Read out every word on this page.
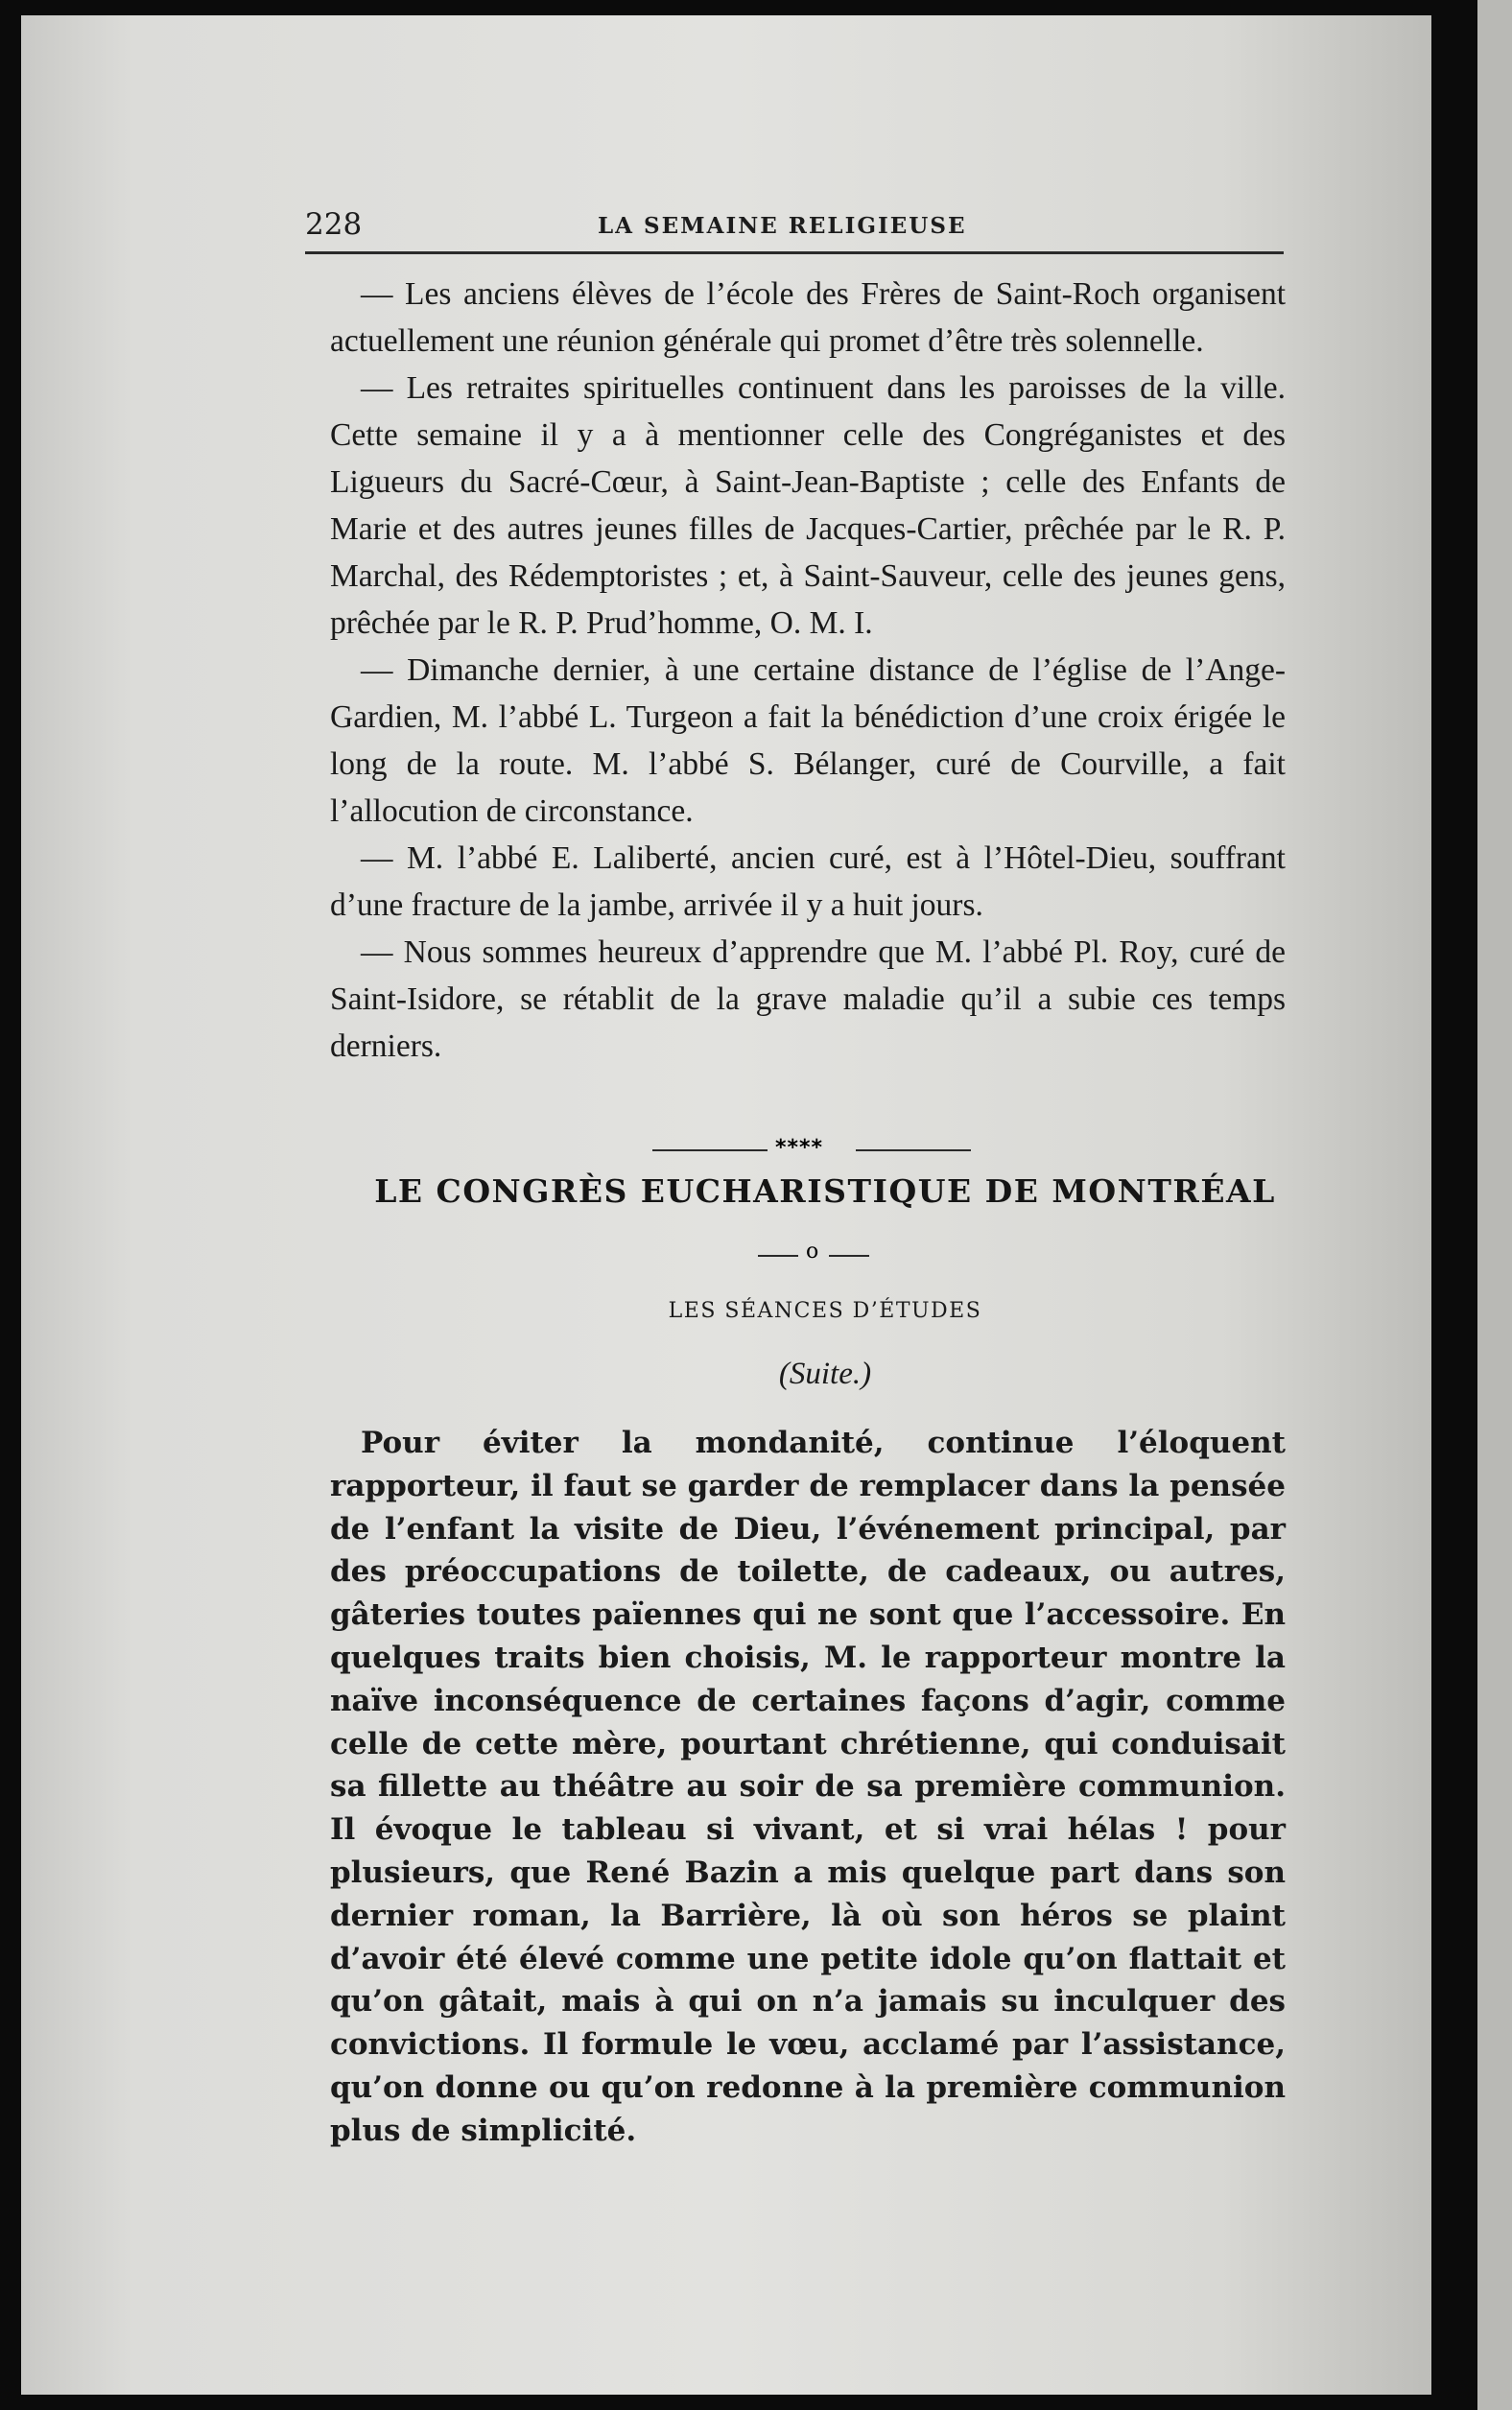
228	LA SEMAINE RELIGIEUSE

— Les anciens élèves de l’école des Frères de Saint-Roch organisent actuellement une réunion générale qui promet d’être très solennelle.

— Les retraites spirituelles continuent dans les paroisses de la ville. Cette semaine il y a à mentionner celle des Congréganistes et des Ligueurs du Sacré-Cœur, à Saint-Jean-Baptiste ; celle des Enfants de Marie et des autres jeunes filles de Jacques-Cartier, prêchée par le R. P. Marchal, des Rédemptoristes ; et, à Saint-Sauveur, celle des jeunes gens, prêchée par le R. P. Prud’homme, O. M. I.

— Dimanche dernier, à une certaine distance de l’église de l’Ange-Gardien, M. l’abbé L. Turgeon a fait la bénédiction d’une croix érigée le long de la route. M. l’abbé S. Bélanger, curé de Courville, a fait l’allocution de circonstance.

— M. l’abbé E. Laliberté, ancien curé, est à l’Hôtel-Dieu, souffrant d’une fracture de la jambe, arrivée il y a huit jours.

— Nous sommes heureux d’apprendre que M. l’abbé Pl. Roy, curé de Saint-Isidore, se rétablit de la grave maladie qu’il a subie ces temps derniers.

****
LE CONGRÈS EUCHARISTIQUE DE MONTRÉAL
o
LES SÉANCES D’ÉTUDES
(Suite.)

Pour éviter la mondanité, continue l’éloquent rapporteur, il faut se garder de remplacer dans la pensée de l’enfant la visite de Dieu, l’événement principal, par des préoccupations de toilette, de cadeaux, ou autres, gâteries toutes païennes qui ne sont que l’accessoire. En quelques traits bien choisis, M. le rapporteur montre la naïve inconséquence de certaines façons d’agir, comme celle de cette mère, pourtant chrétienne, qui conduisait sa fillette au théâtre au soir de sa première communion. Il évoque le tableau si vivant, et si vrai hélas ! pour plusieurs, que René Bazin a mis quelque part dans son dernier roman, la Barrière, là où son héros se plaint d’avoir été élevé comme une petite idole qu’on flattait et qu’on gâtait, mais à qui on n’a jamais su inculquer des convictions. Il formule le vœu, acclamé par l’assistance, qu’on donne ou qu’on redonne à la première communion plus de simplicité.
